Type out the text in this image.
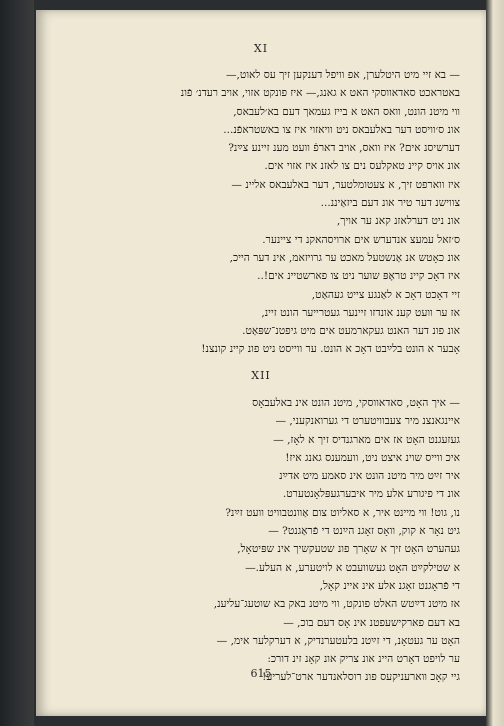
XI
— בא זיי מיט היטלערן, אפ וויפל דענקען זיך עס לאוט,—
באטראכט סאדאווסקי האט א גאנג,— איז פונקט אזוי, אויב רעדנ׳ פֿונ
ווי מיטנ הונט, וואס האט א בייז געמאך דעם בא׳לעבאס,
אונ ס׳וויסט דער באלעבאס ניט וויאזוי איז צו באשטראפֿנ...
דערשיסנ אים? איז וואס, אויב דארפֿ וועט מענ זיינע צײַנ?
אונ אויס קיינ טאקלעס נים צו לאזנ איז אזוי אים.
איז ווארפט זיך, א צעטומלטער, דער באלעבאס אליינ —
צווישנ דער טיר אונ דעם ביזאַיננ...
אונ ניט דערלאזנ קאנ ער אויך,
ס׳זאל עמעצ אנדערש אים ארויסהאקנ די ציינער.
אונ כאָטש אנ אַנשטעל מאכט ער גרויזאמ, אינ דער הייכ,
איז דאָכ קיינ טראָפּ שוער ניט צו פארשטיינ אים!..
זיי דאָכט דאָכ א לאַנגע צייט געהאַט,
אז ער וועט קענ אונדזו זיינער געטרייער הונט זיינ,
אונ פונ דער האנט געקארמעט אים מיט גיפטנ־שפּאַט.
אָבער א הונט בלײַבט דאָכ א הונט. ער ווייסט ניט פונ קיינ קונצנ!
XII
— איך האָט, סאדאווסקי, מיטנ הונט אינ באלעבאָס
איינגאנצנ מיר צעבוויטערט די גערואנקעני, —
געזעגנט האָט אז אים מארגנדיס זיך א לאָז, —
איכ ווייס שוינ איצט ניט, וועמענס גאנג איז!
איר זײַט מיר מיטנ הונט אינ סאמע מיט אדײַנ
אונ די פיגורע אלע מיר איבערגעפּלאָנטערט.
נו, גוט! ווי מיינט איר, א סאליוט צום אַוונטבוויט וועט זײַנ?
גיט נאָר א קוק, וואָס זאָגנ הײַנט די פֿראַגנט? —
געהערט האָט זיך א שאָרך פונ שטעקשיך אינ שפּיטאָל,
א שטילקײַט האָט געשוועבט א לויטערע, א העלע.—
די פֿראָגנט זאָגנ אלע אינ איינ קאָל,
אז מיטנ דײַטש האלט פונקט, ווי מיטנ באק בא שוטעג־עליענ,
בא דעם פארקישעפטנ אינ אָס דעם בוכ, —
האָט ער געטאָנ, די זײַטנ בלעטערנדיק, א דערקלער אימ, —
ער לויפט דאָרט היינ אונ צריק אונ קאָנ זינ דורכ:
גיי קאָכ ווארעניקעס פונ רוסלאנדער ארט־לעריע!
615
